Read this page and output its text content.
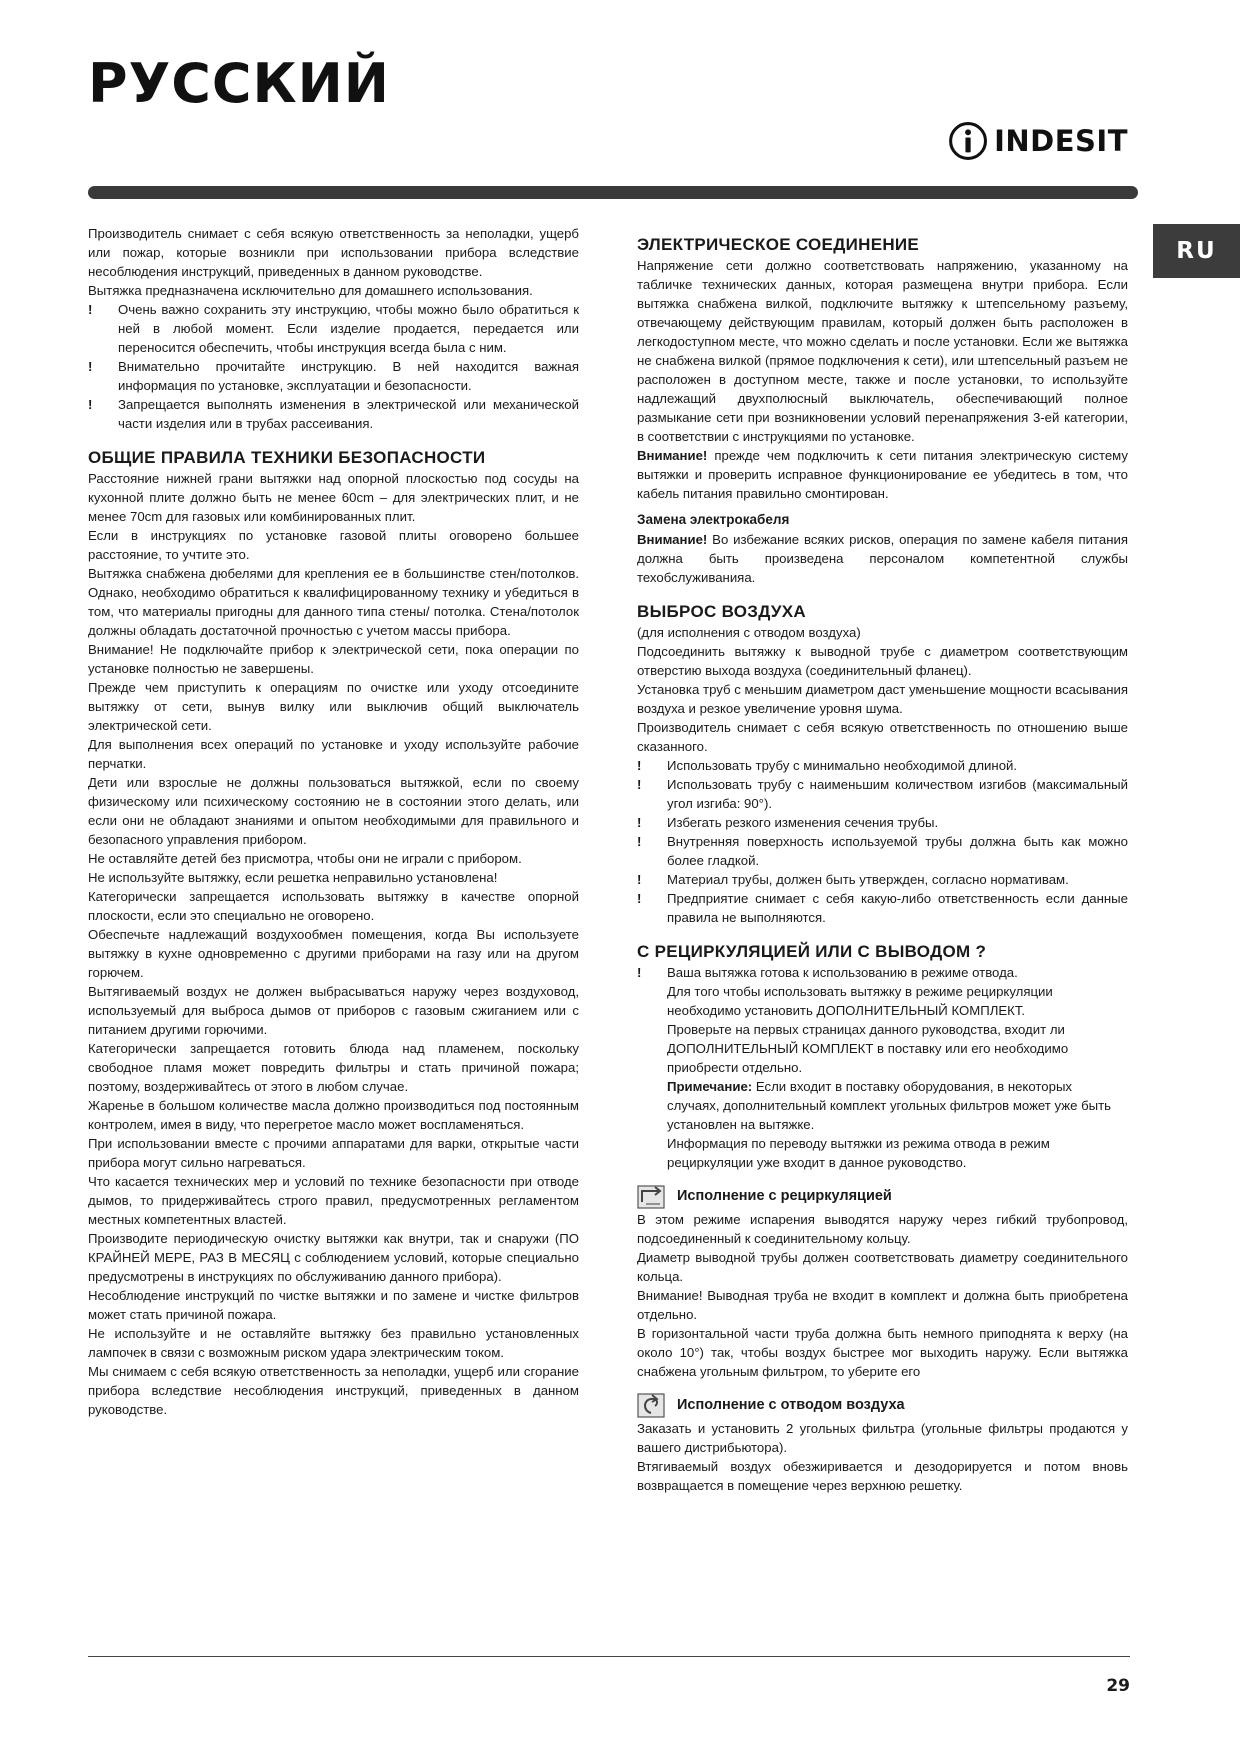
РУССКИЙ
INDESIT
RU

Производитель снимает с себя всякую ответственность за неполадки, ущерб или пожар, которые возникли при использовании прибора вследствие несоблюдения инструкций, приведенных в данном руководстве.

Вытяжка предназначена исключительно для домашнего использования.

!	Очень важно сохранить эту инструкцию, чтобы можно было обратиться к ней в любой момент. Если изделие продается, передается или переносится обеспечить, чтобы инструкция всегда была с ним.
!	Внимательно прочитайте инструкцию. В ней находится важная информация по установке, эксплуатации и безопасности.
!	Запрещается выполнять изменения в электрической или механической части изделия или в трубах рассеивания.
ОБЩИЕ ПРАВИЛА ТЕХНИКИ БЕЗОПАСНОСТИ

Расстояние нижней грани вытяжки над опорной плоскостью под сосуды на кухонной плите должно быть не менее 60cm – для электрических плит, и не менее 70cm для газовых или комбинированных плит.

Если в инструкциях по установке газовой плиты оговорено большее расстояние, то учтите это.

Вытяжка снабжена дюбелями для крепления ее в большинстве стен/потолков. Однако, необходимо обратиться к квалифицированному технику и убедиться в том, что материалы пригодны для данного типа стены/ потолка. Стена/потолок должны обладать достаточной прочностью с учетом массы прибора.

Внимание! Не подключайте прибор к электрической сети, пока операции по установке полностью не завершены.

Прежде чем приступить к операциям по очистке или уходу отсоедините вытяжку от сети, вынув вилку или выключив общий выключатель электрической сети.

Для выполнения всех операций по установке и уходу используйте рабочие перчатки.

Дети или взрослые не должны пользоваться вытяжкой, если по своему физическому или психическому состоянию не в состоянии этого делать, или если они не обладают знаниями и опытом необходимыми для правильного и безопасного управления прибором.

Не оставляйте детей без присмотра, чтобы они не играли с прибором.

Не используйте вытяжку, если решетка неправильно установлена!

Категорически запрещается использовать вытяжку в качестве опорной плоскости, если это специально не оговорено.

Обеспечьте надлежащий воздухообмен помещения, когда Вы используете вытяжку в кухне одновременно с другими приборами на газу или на другом горючем.

Вытягиваемый воздух не должен выбрасываться наружу через воздуховод, используемый для выброса дымов от приборов с газовым сжиганием или с питанием другими горючими.

Категорически запрещается готовить блюда над пламенем, поскольку свободное пламя может повредить фильтры и стать причиной пожара; поэтому, воздерживайтесь от этого в любом случае.

Жаренье в большом количестве масла должно производиться под постоянным контролем, имея в виду, что перегретое масло может воспламеняться.

При использовании вместе с прочими аппаратами для варки, открытые части прибора могут сильно нагреваться.

Что касается технических мер и условий по технике безопасности при отводе дымов, то придерживайтесь строго правил, предусмотренных регламентом местных компетентных властей.

Производите периодическую очистку вытяжки как внутри, так и снаружи (ПО КРАЙНЕЙ МЕРЕ, РАЗ В МЕСЯЦ с соблюдением условий, которые специально предусмотрены в инструкциях по обслуживанию данного прибора).

Несоблюдение инструкций по чистке вытяжки и по замене и чистке фильтров может стать причиной пожара.

Не используйте и не оставляйте вытяжку без правильно установленных лампочек в связи с возможным риском удара электрическим током.

Мы снимаем с себя всякую ответственность за неполадки, ущерб или сгорание прибора вследствие несоблюдения инструкций, приведенных в данном руководстве.

ЭЛЕКТРИЧЕСКОЕ СОЕДИНЕНИЕ

Напряжение сети должно соответствовать напряжению, указанному на табличке технических данных, которая размещена внутри прибора. Если вытяжка снабжена вилкой, подключите вытяжку к штепсельному разъему, отвечающему действующим правилам, который должен быть расположен в легкодоступном месте, что можно сделать и после установки. Если же вытяжка не снабжена вилкой (прямое подключения к сети), или штепсельный разъем не расположен в доступном месте, также и после установки, то используйте надлежащий двухполюсный выключатель, обеспечивающий полное размыкание сети при возникновении условий перенапряжения 3-ей категории, в соответствии с инструкциями по установке.

Внимание! прежде чем подключить к сети питания электрическую систему вытяжки и проверить исправное функционирование ее убедитесь в том, что кабель питания правильно смонтирован.

Замена электрокабеля

Внимание! Во избежание всяких рисков, операция по замене кабеля питания должна быть произведена персоналом компетентной службы техобслуживанияа.

ВЫБРОС ВОЗДУХА

(для исполнения с отводом воздуха)

Подсоединить вытяжку к выводной трубе с диаметром соответствующим отверстию выхода воздуха (соединительный фланец).

Установка труб с меньшим диаметром даст уменьшение мощности всасывания воздуха и резкое увеличение уровня шума.

Производитель снимает с себя всякую ответственность по отношению выше сказанного.

!	Использовать трубу с минимально необходимой длиной.
!	Использовать трубу с наименьшим количеством изгибов (максимальный угол изгиба: 90°).
!	Избегать резкого изменения сечения трубы.
!	Внутренняя поверхность используемой трубы должна быть как можно более гладкой.
!	Материал трубы, должен быть утвержден, согласно нормативам.
!	Предприятие снимает с себя какую-либо ответственность если данные правила не выполняются.
С РЕЦИРКУЛЯЦИЕЙ ИЛИ С ВЫВОДОМ ?
!	Ваша вытяжка готова к использованию в режиме отвода.

Для того чтобы использовать вытяжку в режиме рециркуляции необходимо установить ДОПОЛНИТЕЛЬНЫЙ КОМПЛЕКТ.

Проверьте на первых страницах данного руководства, входит ли ДОПОЛНИТЕЛЬНЫЙ КОМПЛЕКТ в поставку или его необходимо приобрести отдельно.

Примечание: Если входит в поставку оборудования, в некоторых случаях, дополнительный комплект угольных фильтров может уже быть установлен на вытяжке.

Информация по переводу вытяжки из режима отвода в режим рециркуляции уже входит в данное руководство.

Исполнение с рециркуляцией

В этом режиме испарения выводятся наружу через гибкий трубопровод, подсоединенный к соединительному кольцу.

Диаметр выводной трубы должен соответствовать диаметру соединительного кольца.

Внимание! Выводная труба не входит в комплект и должна быть приобретена отдельно.

В горизонтальной части труба должна быть немного приподнята к верху (на около 10°) так, чтобы воздух быстрее мог выходить наружу. Если вытяжка снабжена угольным фильтром, то уберите его

Исполнение с отводом воздуха

Заказать и установить 2 угольных фильтра (угольные фильтры продаются у вашего дистрибьютора).

Втягиваемый воздух обезжиривается и дезодорируется и потом вновь возвращается в помещение через верхнюю решетку.

29
